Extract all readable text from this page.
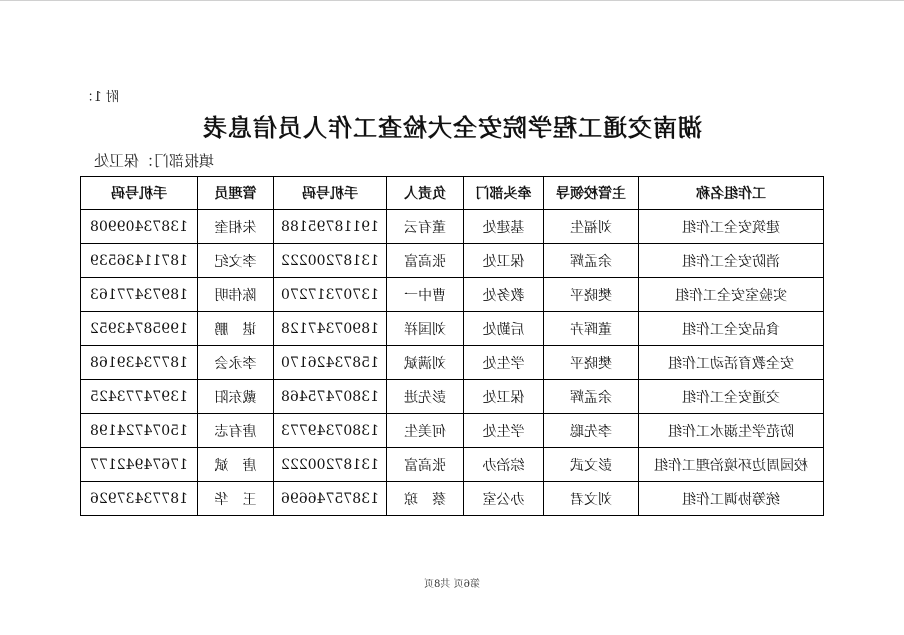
附 1：
湖南交通工程学院安全大检查工作人员信息表
填报部门：保卫处
工作组名称	主管校领导	牵头部门	负责人	手机号码	管理员	手机号码
建筑安全工作组	刘福生	基建处	董有云	19118795188	朱相奎	13873409908
消防安全工作组	余孟辉	保卫处	张高富	13187200222	李文纪	18711436539
实验室安全工作组	樊晓平	教务处	曹中一	13707317270	陈伟明	18973477163
食品安全工作组	董晖卉	后勤处	刘国祥	18907347128	谌　鹏	19958743952
安全教育活动工作组	樊晓平	学生处	刘满斌	15873426170	李永会	18773439168
交通安全工作组	余孟辉	保卫处	彭先进	13807475468	戴东阳	13974773425
防范学生溺水工作组	李先聪	学生处	何美生	13807349773	唐有志	15074724198
校园周边环境治理工作组	彭文武	综治办	张高富	13187200222	唐　斌	17674942177
统筹协调工作组	刘文君	办公室	蔡　琼	13875746696	王　华	18773437926
第6页 共8页
